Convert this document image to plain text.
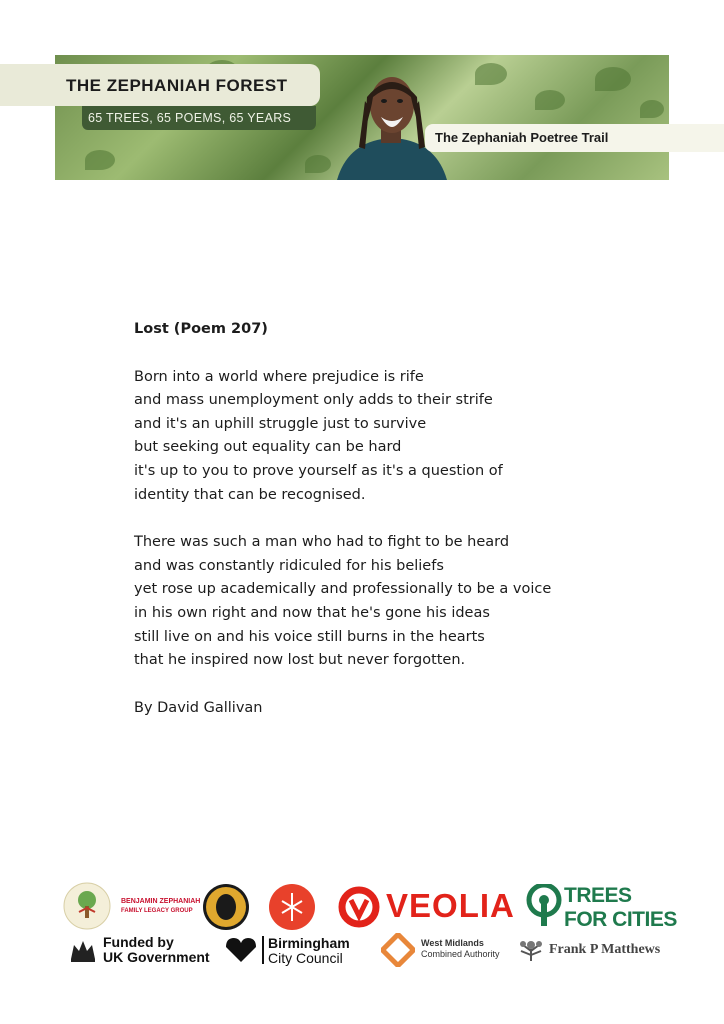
THE ZEPHANIAH FOREST
65 TREES, 65 POEMS, 65 YEARS
The Zephaniah Poetree Trail
Lost (Poem 207)
Born into a world where prejudice is rife
and mass unemployment only adds to their strife
and it's an uphill struggle just to survive
but seeking out equality can be hard
it's up to you to prove yourself as it's a question of
identity that can be recognised.
There was such a man who had to fight to be heard
and was constantly ridiculed for his beliefs
yet rose up academically and professionally to be a voice
in his own right and now that he's gone his ideas
still live on and his voice still burns in the hearts
that he inspired now lost but never forgotten.
By David Gallivan
BENJAMIN ZEPHANIAH
FAMILY LEGACY GROUP	VEOLIA TREES
FOR CITIES
Funded by
UK Government
Birmingham
City Council
West Midlands
Combined Authority	Frank P Matthews
